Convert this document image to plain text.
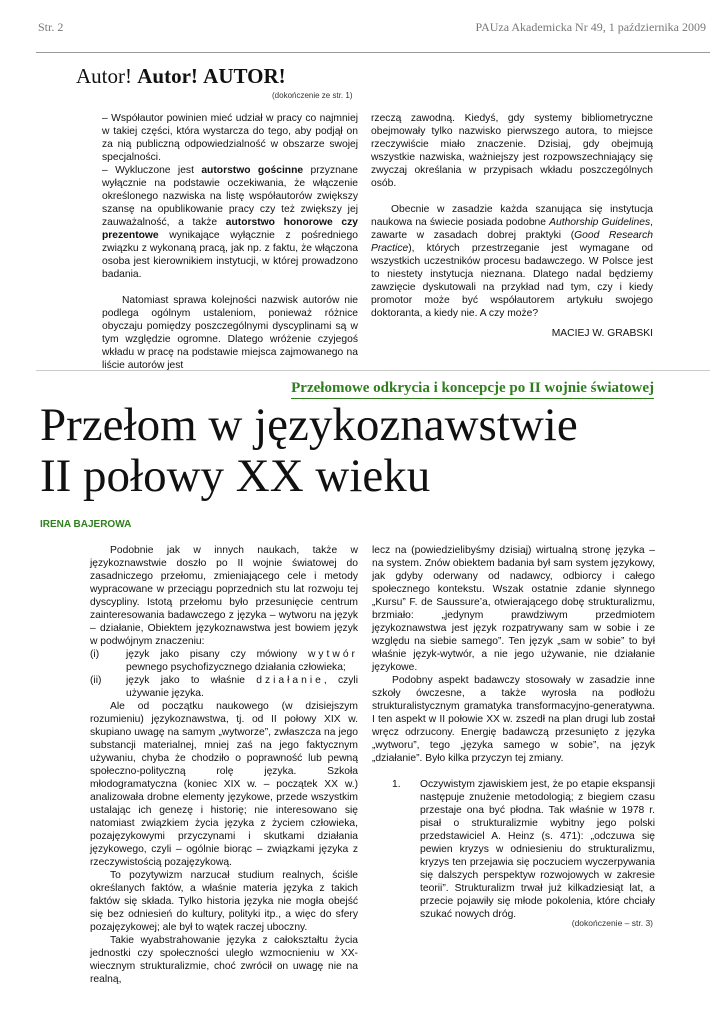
Str. 2	PAUza Akademicka Nr 49, 1 października 2009
Autor! Autor! AUTOR!
(dokończenie ze str. 1)

– Współautor powinien mieć udział w pracy co najmniej w takiej części, która wystarcza do tego, aby podjął on za nią publiczną odpowiedzialność w obszarze swojej specjalności.

– Wykluczone jest autorstwo gościnne przyznane wyłącznie na podstawie oczekiwania, że włączenie określonego nazwiska na listę współautorów zwiększy szansę na opublikowanie pracy czy też zwiększy jej zauważalność, a także autorstwo honorowe czy prezentowe wynikające wyłącznie z pośredniego związku z wykonaną pracą, jak np. z faktu, że włączona osoba jest kierownikiem instytucji, w której prowadzono badania.

Natomiast sprawa kolejności nazwisk autorów nie podlega ogólnym ustaleniom, ponieważ różnice obyczaju pomiędzy poszczególnymi dyscyplinami są w tym względzie ogromne. Dlatego wróżenie czyjegoś wkładu w pracę na podstawie miejsca zajmowanego na liście autorów jest

rzeczą zawodną. Kiedyś, gdy systemy bibliometryczne obejmowały tylko nazwisko pierwszego autora, to miejsce rzeczywiście miało znaczenie. Dzisiaj, gdy obejmują wszystkie nazwiska, ważniejszy jest rozpowszechniający się zwyczaj określania w przypisach wkładu poszczególnych osób.

Obecnie w zasadzie każda szanująca się instytucja naukowa na świecie posiada podobne Authorship Guidelines, zawarte w zasadach dobrej praktyki (Good Research Practice), których przestrzeganie jest wymagane od wszystkich uczestników procesu badawczego. W Polsce jest to niestety instytucja nieznana. Dlatego nadal będziemy zawzięcie dyskutowali na przykład nad tym, czy i kiedy promotor może być współautorem artykułu swojego doktoranta, a kiedy nie. A czy może?

MACIEJ W. GRABSKI
Przełomowe odkrycia i koncepcje po II wojnie światowej
Przełom w językoznawstwie
II połowy XX wieku
IRENA BAJEROWA

Podobnie jak w innych naukach, także w językoznawstwie doszło po II wojnie światowej do zasadniczego przełomu, zmieniającego cele i metody wypracowane w przeciągu poprzednich stu lat rozwoju tej dyscypliny. Istotą przełomu było przesunięcie centrum zainteresowania badawczego z języka – wytworu na język – działanie, Obiektem językoznawstwa jest bowiem język w podwójnym znaczeniu:

(i)	język jako pisany czy mówiony wytwór pewnego psychofizycznego działania człowieka;
(ii)	język jako to właśnie działanie, czyli używanie języka.

Ale od początku naukowego (w dzisiejszym rozumieniu) językoznawstwa, tj. od II połowy XIX w. skupiano uwagę na samym „wytworze”, zwłaszcza na jego substancji materialnej, mniej zaś na jego faktycznym używaniu, chyba że chodziło o poprawność lub pewną społeczno-polityczną rolę języka. Szkoła młodogramatyczna (koniec XIX w. – początek XX w.) analizowała drobne elementy językowe, przede wszystkim ustalając ich genezę i historię; nie interesowano się natomiast związkiem życia języka z życiem człowieka, pozajęzykowymi przyczynami i skutkami działania językowego, czyli – ogólnie biorąc – związkami języka z rzeczywistością pozajęzykową.

To pozytywizm narzucał studium realnych, ściśle określanych faktów, a właśnie materia języka z takich faktów się składa. Tylko historia języka nie mogła obejść się bez odniesień do kultury, polityki itp., a więc do sfery pozajęzykowej; ale był to wątek raczej uboczny.

Takie wyabstrahowanie języka z całokształtu życia jednostki czy społeczności uległo wzmocnieniu w XX-wiecznym strukturalizmie, choć zwrócił on uwagę nie na realną,

lecz na (powiedzielibyśmy dzisiaj) wirtualną stronę języka – na system. Znów obiektem badania był sam system językowy, jak gdyby oderwany od nadawcy, odbiorcy i całego społecznego kontekstu. Wszak ostatnie zdanie słynnego „Kursu” F. de Saussure’a, otwierającego dobę strukturalizmu, brzmiało: „jedynym prawdziwym przedmiotem językoznawstwa jest język rozpatrywany sam w sobie i ze względu na siebie samego”. Ten język „sam w sobie” to był właśnie język-wytwór, a nie jego używanie, nie działanie językowe.

Podobny aspekt badawczy stosowały w zasadzie inne szkoły ówczesne, a także wyrosła na podłożu strukturalistycznym gramatyka transformacyjno-generatywna. I ten aspekt w II połowie XX w. zszedł na plan drugi lub został wręcz odrzucony. Energię badawczą przesunięto z języka „wytworu”, tego „języka samego w sobie”, na język „działanie”. Było kilka przyczyn tej zmiany.

1.	Oczywistym zjawiskiem jest, że po etapie ekspansji następuje znużenie metodologią; z biegiem czasu przestaje ona być płodna. Tak właśnie w 1978 r. pisał o strukturalizmie wybitny jego polski przedstawiciel A. Heinz (s. 471): „odczuwa się pewien kryzys w odniesieniu do strukturalizmu, kryzys ten przejawia się poczuciem wyczerpywania się dalszych perspektyw rozwojowych w zakresie teorii”. Strukturalizm trwał już kilkadziesiąt lat, a przecie pojawiły się młode pokolenia, które chciały szukać nowych dróg.
(dokończenie – str. 3)
